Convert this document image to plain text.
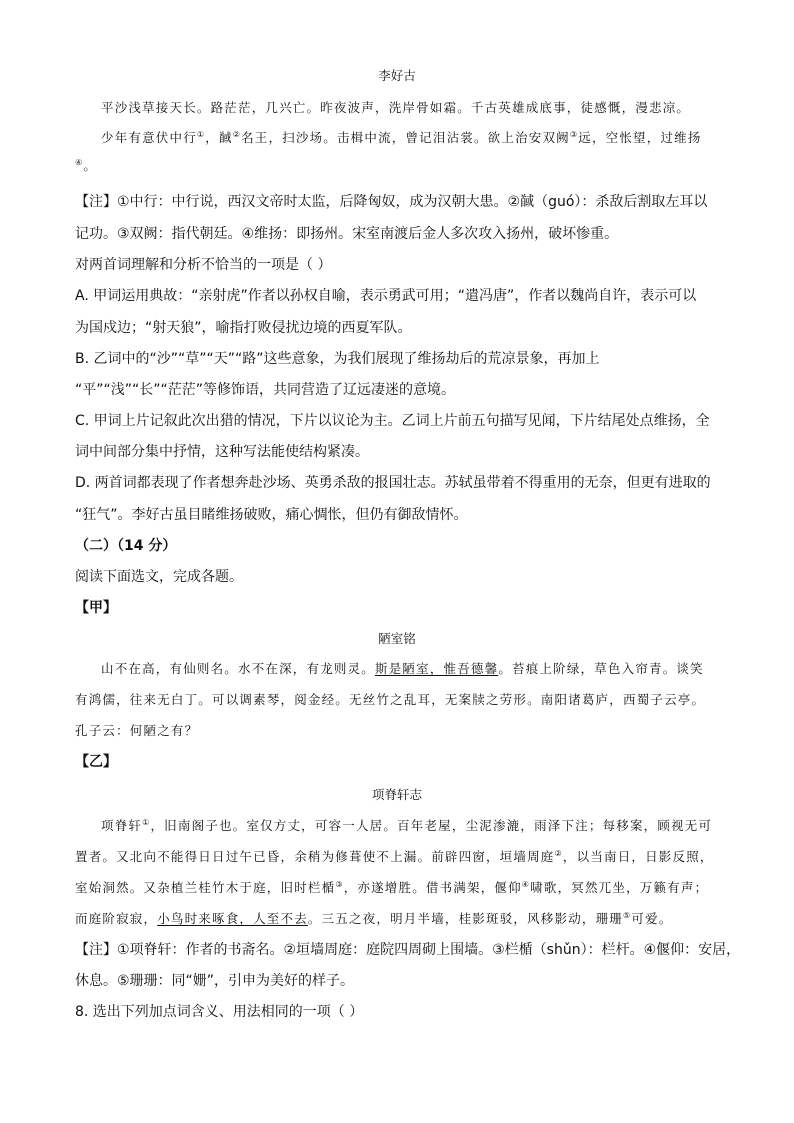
李好古
平沙浅草接天长。路茫茫，几兴亡。昨夜波声，洗岸骨如霜。千古英雄成底事，徒感慨，漫悲凉。
少年有意伏中行①，馘②名王，扫沙场。击楫中流，曾记泪沾裳。欲上治安双阙③远，空怅望，过维扬
④。
【注】①中行：中行说，西汉文帝时太监，后降匈奴，成为汉朝大患。②馘（guó）：杀敌后割取左耳以
记功。③双阙：指代朝廷。④维扬：即扬州。宋室南渡后金人多次攻入扬州，破坏惨重。
对两首词理解和分析不恰当的一项是（ ）
A. 甲词运用典故：“亲射虎”作者以孙权自喻，表示勇武可用；“遣冯唐”，作者以魏尚自许，表示可以
为国戍边；“射天狼”，喻指打败侵扰边境的西夏军队。
B. 乙词中的“沙”“草”“天”“路”这些意象，为我们展现了维扬劫后的荒凉景象，再加上
“平”“浅”“长”“茫茫”等修饰语，共同营造了辽远凄迷的意境。
C. 甲词上片记叙此次出猎的情况，下片以议论为主。乙词上片前五句描写见闻，下片结尾处点维扬，全
词中间部分集中抒情，这种写法能使结构紧凑。
D. 两首词都表现了作者想奔赴沙场、英勇杀敌的报国壮志。苏轼虽带着不得重用的无奈，但更有进取的
“狂气”。李好古虽目睹维扬破败，痛心惆怅，但仍有御敌情怀。
（二）（14 分）
阅读下面选文，完成各题。
【甲】
陋室铭
山不在高，有仙则名。水不在深，有龙则灵。斯是陋室，惟吾德馨。苔痕上阶绿，草色入帘青。谈笑
有鸿儒，往来无白丁。可以调素琴，阅金经。无丝竹之乱耳，无案牍之劳形。南阳诸葛庐，西蜀子云亭。
孔子云：何陋之有？
【乙】
项脊轩志
项脊轩①，旧南阁子也。室仅方丈，可容一人居。百年老屋，尘泥渗漉，雨泽下注；每移案，顾视无可
置者。又北向不能得日日过午已昏，余稍为修葺使不上漏。前辟四窗，垣墙周庭②，以当南日，日影反照，
室始洞然。又杂植兰桂竹木于庭，旧时栏楯③，亦遂增胜。借书满架，偃仰④啸歌，冥然兀坐，万籁有声；
而庭阶寂寂，小鸟时来啄食，人至不去。三五之夜，明月半墙，桂影斑驳，风移影动，珊珊⑤可爱。
【注】①项脊轩：作者的书斋名。②垣墙周庭：庭院四周砌上围墙。③栏楯（shǔn）：栏杆。④偃仰：安居，
休息。⑤珊珊：同“姗”，引申为美好的样子。
8. 选出下列加点词含义、用法相同的一项（ ）
